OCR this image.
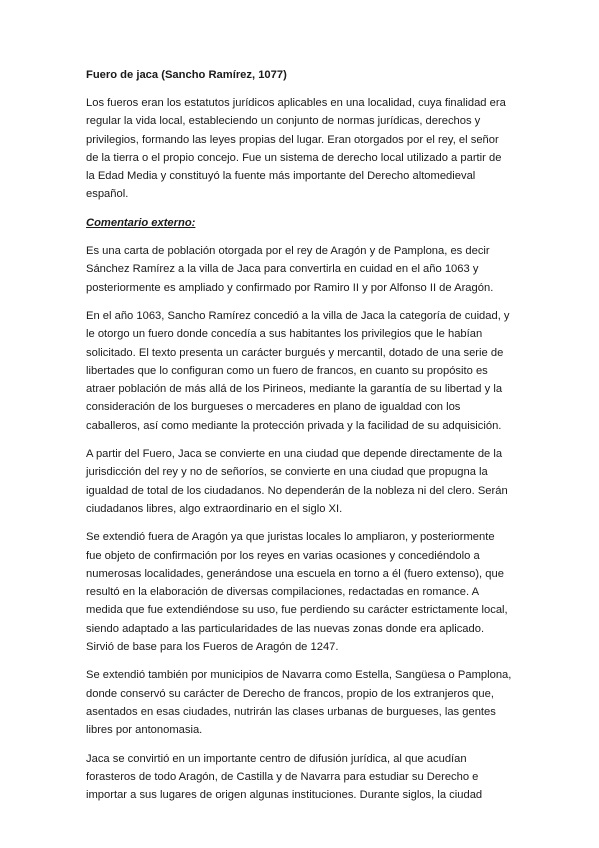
Fuero de jaca (Sancho Ramírez, 1077)

Los fueros eran los estatutos jurídicos aplicables en una localidad, cuya finalidad era regular la vida local, estableciendo un conjunto de normas jurídicas, derechos y privilegios, formando las leyes propias del lugar. Eran otorgados por el rey, el señor de la tierra o el propio concejo. Fue un sistema de derecho local utilizado a partir de la Edad Media y constituyó la fuente más importante del Derecho altomedieval español.

Comentario externo:

Es una carta de población otorgada por el rey de Aragón y de Pamplona, es decir Sánchez Ramírez a la villa de Jaca para convertirla en cuidad en el año 1063 y posteriormente es ampliado y confirmado por Ramiro II y por Alfonso II de Aragón.

En el año 1063, Sancho Ramírez concedió a la villa de Jaca la categoría de cuidad, y le otorgo un fuero donde concedía a sus habitantes los privilegios que le habían solicitado. El texto presenta un carácter burgués y mercantil, dotado de una serie de libertades que lo configuran como un fuero de francos, en cuanto su propósito es atraer población de más allá de los Pirineos, mediante la garantía de su libertad y la consideración de los burgueses o mercaderes en plano de igualdad con los caballeros, así como mediante la protección privada y la facilidad de su adquisición.

A partir del Fuero, Jaca se convierte en una ciudad que depende directamente de la jurisdicción del rey y no de señoríos, se convierte en una ciudad que propugna la igualdad de total de los ciudadanos. No dependerán de la nobleza ni del clero. Serán ciudadanos libres, algo extraordinario en el siglo XI.

Se extendió fuera de Aragón ya que juristas locales lo ampliaron, y posteriormente fue objeto de confirmación por los reyes en varias ocasiones y concediéndolo a numerosas localidades, generándose una escuela en torno a él (fuero extenso), que resultó en la elaboración de diversas compilaciones, redactadas en romance. A medida que fue extendiéndose su uso, fue perdiendo su carácter estrictamente local, siendo adaptado a las particularidades de las nuevas zonas donde era aplicado. Sirvió de base para los Fueros de Aragón de 1247.

Se extendió también por municipios de Navarra como Estella, Sangüesa o Pamplona, donde conservó su carácter de Derecho de francos, propio de los extranjeros que, asentados en esas ciudades, nutrirán las clases urbanas de burgueses, las gentes libres por antonomasia.

Jaca se convirtió en un importante centro de difusión jurídica, al que acudían forasteros de todo Aragón, de Castilla y de Navarra para estudiar su Derecho e importar a sus lugares de origen algunas instituciones. Durante siglos, la ciudad
